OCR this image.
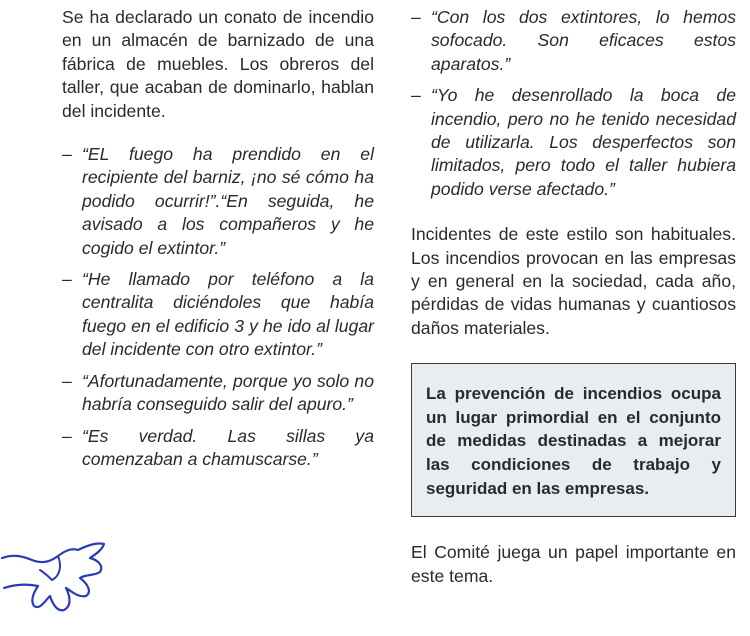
Se ha declarado un conato de incendio en un almacén de barnizado de una fábrica de muebles. Los obreros del taller, que acaban de dominarlo, hablan del incidente.

– “EL fuego ha prendido en el recipiente del barniz, ¡no sé cómo ha podido ocurrir!”.“En seguida, he avisado a los compañeros y he cogido el extintor.”
– “He llamado por teléfono a la centralita diciéndoles que había fuego en el edificio 3 y he ido al lugar del incidente con otro extintor.”
– “Afortunadamente, porque yo solo no habría conseguido salir del apuro.”
– “Es verdad. Las sillas ya comenzaban a chamuscarse.”
– “Con los dos extintores, lo hemos sofocado. Son eficaces estos aparatos.”
– “Yo he desenrollado la boca de incendio, pero no he tenido necesidad de utilizarla. Los desperfectos son limitados, pero todo el taller hubiera podido verse afectado.”

Incidentes de este estilo son habituales. Los incendios provocan en las empresas y en general en la sociedad, cada año, pérdidas de vidas humanas y cuantiosos daños materiales.

La prevención de incendios ocupa un lugar primordial en el conjunto de medidas destinadas a mejorar las condiciones de trabajo y seguridad en las empresas.

El Comité juega un papel importante en este tema.
